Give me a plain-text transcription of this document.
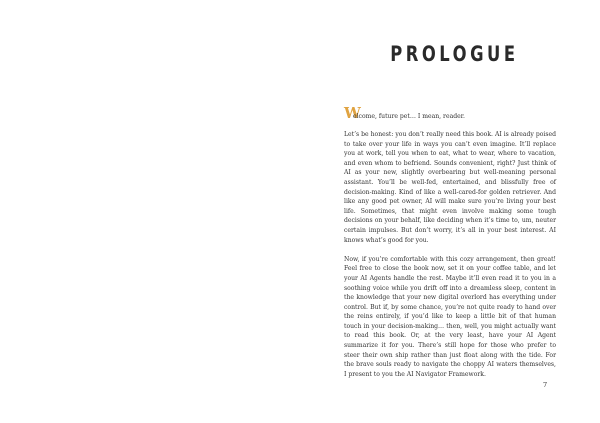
PROLOGUE
W
elcome, future pet… I mean, reader.

Let’s be honest: you don’t really need this book. AI is already poised to take over your life in ways you can’t even imagine. It’ll replace you at work, tell you when to eat, what to wear, where to vacation, and even whom to befriend. Sounds convenient, right? Just think of AI as your new, slightly overbearing but well-meaning personal assistant. You’ll be well-fed, entertained, and blissfully free of decision-making. Kind of like a well-cared-for golden retriever. And like any good pet owner, AI will make sure you’re living your best life. Sometimes, that might even involve making some tough decisions on your behalf, like deciding when it’s time to, um, neuter certain impulses. But don’t worry, it’s all in your best interest. AI knows what’s good for you.

Now, if you’re comfortable with this cozy arrangement, then great! Feel free to close the book now, set it on your coffee table, and let your AI Agents handle the rest. Maybe it’ll even read it to you in a soothing voice while you drift off into a dreamless sleep, content in the knowledge that your new digital overlord has everything under control. But if, by some chance, you’re not quite ready to hand over the reins entirely, if you’d like to keep a little bit of that human touch in your decision-making… then, well, you might actually want to read this book. Or, at the very least, have your AI Agent summarize it for you. There’s still hope for those who prefer to steer their own ship rather than just float along with the tide. For the brave souls ready to navigate the choppy AI waters themselves, I present to you the AI Navigator Framework.

7
